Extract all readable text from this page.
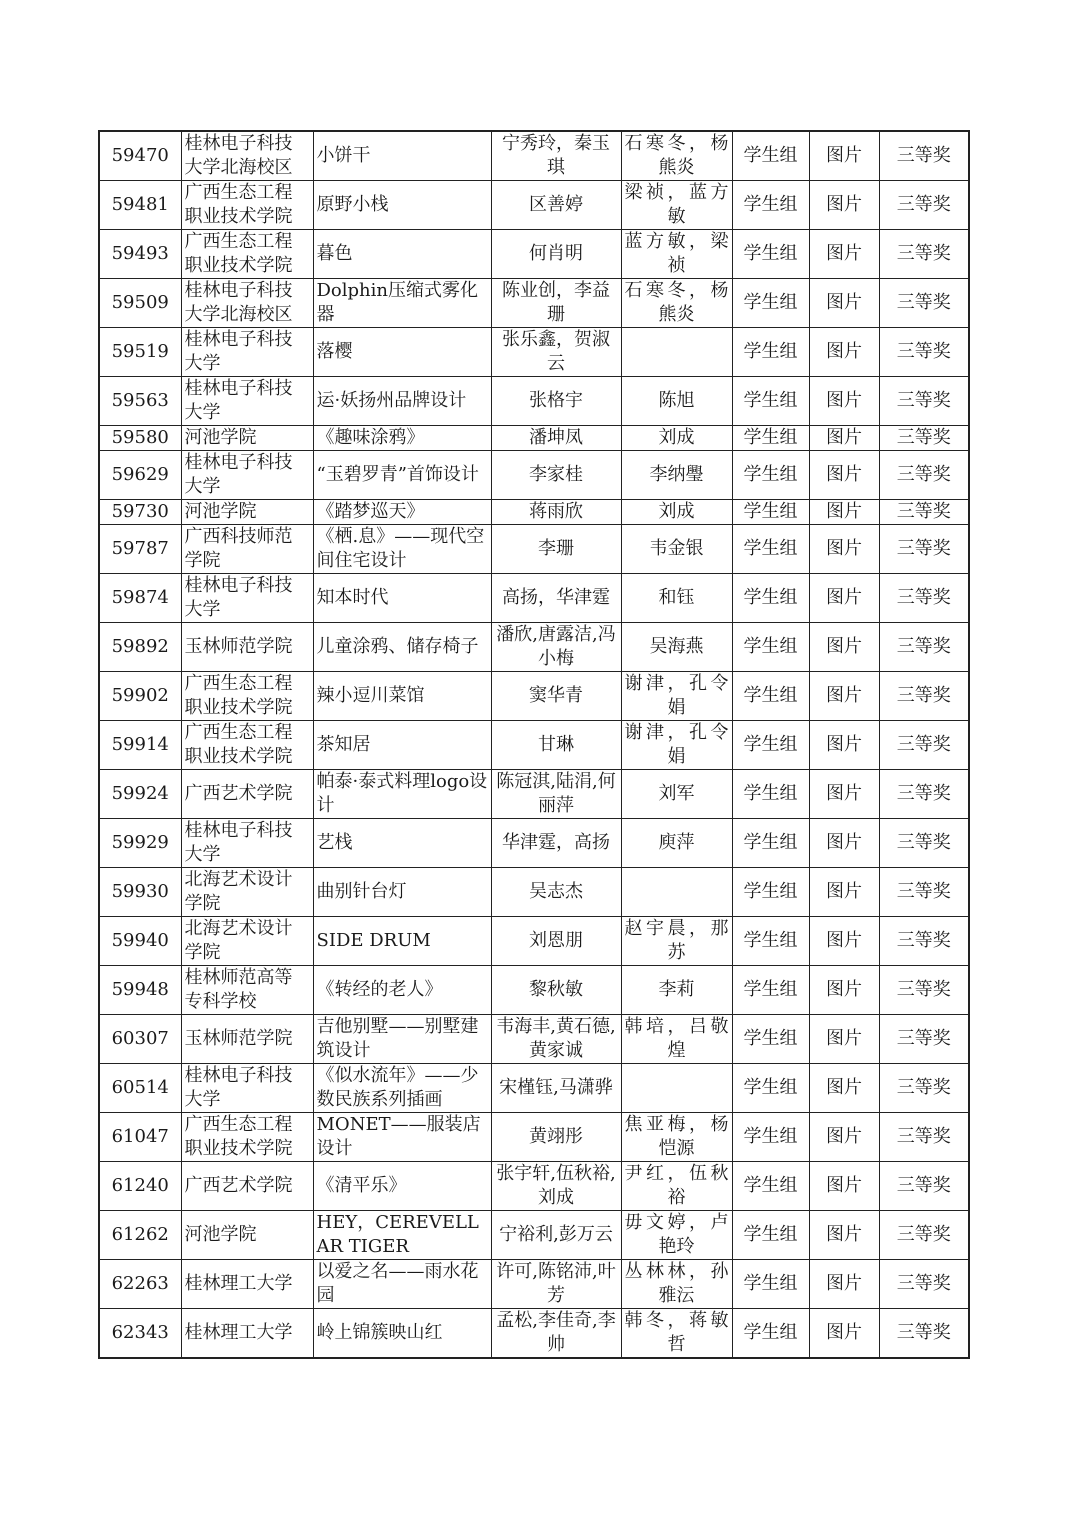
59470	桂林电子科技大学北海校区	小饼干	宁秀玲，秦玉琪	石寒冬，杨熊炎	学生组	图片	三等奖
59481	广西生态工程职业技术学院	原野小栈	区善婷	梁祯，蓝方敏	学生组	图片	三等奖
59493	广西生态工程职业技术学院	暮色	何肖明	蓝方敏，梁祯	学生组	图片	三等奖
59509	桂林电子科技大学北海校区	Dolphin压缩式雾化器	陈业创，李益珊	石寒冬，杨熊炎	学生组	图片	三等奖
59519	桂林电子科技大学	落樱	张乐鑫，贺淑云		学生组	图片	三等奖
59563	桂林电子科技大学	运·妖扬州品牌设计	张格宇	陈旭	学生组	图片	三等奖
59580	河池学院	《趣味涂鸦》	潘坤凤	刘成	学生组	图片	三等奖
59629	桂林电子科技大学	“玉碧罗青”首饰设计	李家桂	李纳璺	学生组	图片	三等奖
59730	河池学院	《踏梦巡天》	蒋雨欣	刘成	学生组	图片	三等奖
59787	广西科技师范学院	《栖.息》——现代空间住宅设计	李珊	韦金银	学生组	图片	三等奖
59874	桂林电子科技大学	知本时代	高扬，华津霆	和钰	学生组	图片	三等奖
59892	玉林师范学院	儿童涂鸦、储存椅子	潘欣,唐露洁,冯小梅	吴海燕	学生组	图片	三等奖
59902	广西生态工程职业技术学院	辣小逗川菜馆	窦华青	谢津，孔令娟	学生组	图片	三等奖
59914	广西生态工程职业技术学院	茶知居	甘琳	谢津，孔令娟	学生组	图片	三等奖
59924	广西艺术学院	帕泰·泰式料理logo设计	陈冠淇,陆涓,何丽萍	刘军	学生组	图片	三等奖
59929	桂林电子科技大学	艺栈	华津霆，高扬	庾萍	学生组	图片	三等奖
59930	北海艺术设计学院	曲别针台灯	吴志杰		学生组	图片	三等奖
59940	北海艺术设计学院	SIDE DRUM	刘恩朋	赵宇晨，那苏	学生组	图片	三等奖
59948	桂林师范高等专科学校	《转经的老人》	黎秋敏	李莉	学生组	图片	三等奖
60307	玉林师范学院	吉他别墅——别墅建筑设计	韦海丰,黄石德,黄家诚	韩培，吕敬煌	学生组	图片	三等奖
60514	桂林电子科技大学	《似水流年》——少数民族系列插画	宋槿钰,马潇骅		学生组	图片	三等奖
61047	广西生态工程职业技术学院	MONET——服装店设计	黄翊彤	焦亚梅，杨恺源	学生组	图片	三等奖
61240	广西艺术学院	《清平乐》	张宇轩,伍秋裕,刘成	尹红，伍秋裕	学生组	图片	三等奖
61262	河池学院	HEY，CEREVELLAR TIGER	宁裕利,彭万云	毋文婷，卢艳玲	学生组	图片	三等奖
62263	桂林理工大学	以爱之名——雨水花园	许可,陈铭沛,叶芳	丛林林，孙雅沄	学生组	图片	三等奖
62343	桂林理工大学	岭上锦簇映山红	孟松,李佳奇,李帅	韩冬，蒋敏哲	学生组	图片	三等奖
